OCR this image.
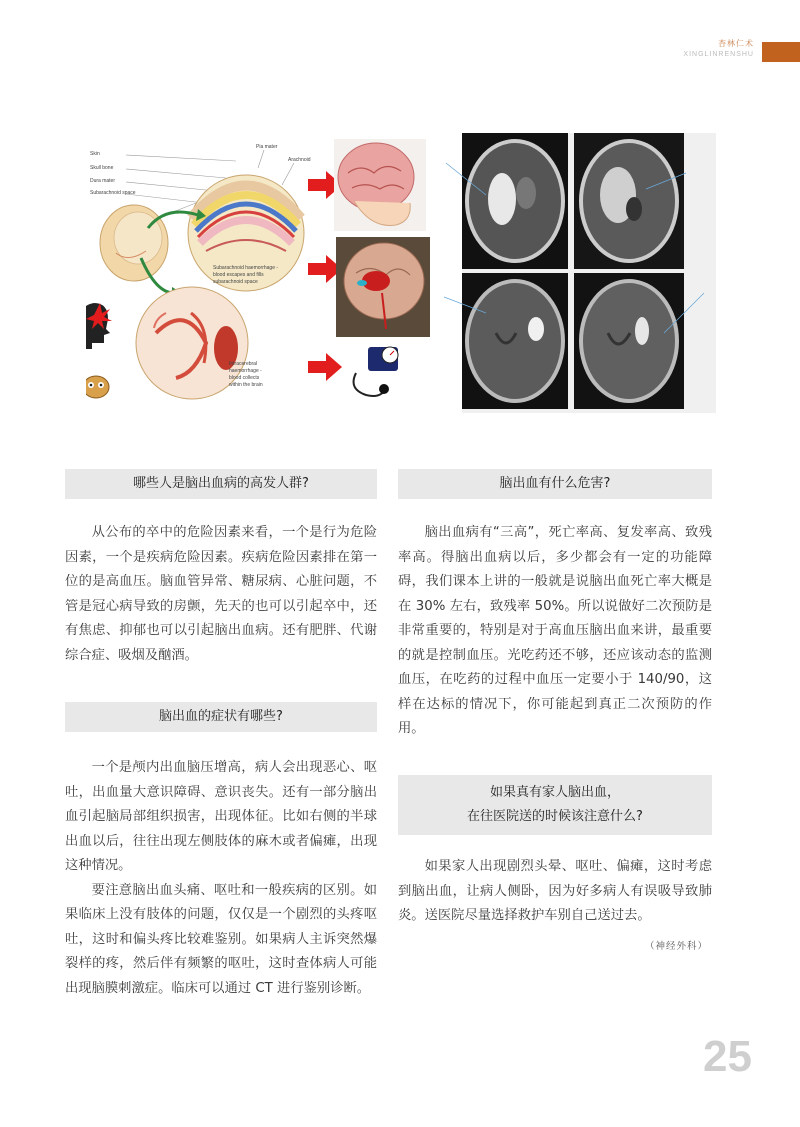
杏林仁术
XINGLINRENSHU
Skin
Skull bone
Dura mater
Subarachnoid space
Pia mater
Arachnoid
Subarachnoid haemorrhage -
blood escapes and fills
subarachnoid space
Intracerebral
haemorrhage -
blood collects
within the brain
哪些人是脑出血病的高发人群?

从公布的卒中的危险因素来看，一个是行为危险因素，一个是疾病危险因素。疾病危险因素排在第一位的是高血压。脑血管异常、糖尿病、心脏问题，不管是冠心病导致的房颤，先天的也可以引起卒中，还有焦虑、抑郁也可以引起脑出血病。还有肥胖、代谢综合症、吸烟及酗酒。

脑出血的症状有哪些?

一个是颅内出血脑压增高，病人会出现恶心、呕吐，出血量大意识障碍、意识丧失。还有一部分脑出血引起脑局部组织损害，出现体征。比如右侧的半球出血以后，往往出现左侧肢体的麻木或者偏瘫，出现这种情况。

要注意脑出血头痛、呕吐和一般疾病的区别。如果临床上没有肢体的问题，仅仅是一个剧烈的头疼呕吐，这时和偏头疼比较难鉴别。如果病人主诉突然爆裂样的疼，然后伴有频繁的呕吐，这时查体病人可能出现脑膜刺激症。临床可以通过 CT 进行鉴别诊断。

脑出血有什么危害?

脑出血病有“三高”，死亡率高、复发率高、致残率高。得脑出血病以后，多少都会有一定的功能障碍，我们课本上讲的一般就是说脑出血死亡率大概是在 30% 左右，致残率 50%。所以说做好二次预防是非常重要的，特别是对于高血压脑出血来讲，最重要的就是控制血压。光吃药还不够，还应该动态的监测血压，在吃药的过程中血压一定要小于 140/90，这样在达标的情况下，你可能起到真正二次预防的作用。

如果真有家人脑出血，
在往医院送的时候该注意什么?

如果家人出现剧烈头晕、呕吐、偏瘫，这时考虑到脑出血，让病人侧卧，因为好多病人有误吸导致肺炎。送医院尽量选择救护车别自己送过去。

（神经外科）
25
